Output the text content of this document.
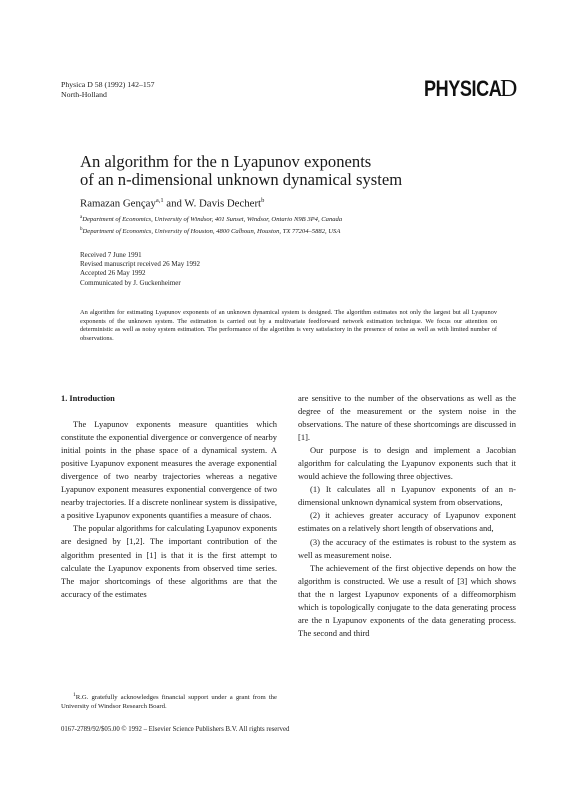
Physica D 58 (1992) 142–157
North-Holland	PHYSICA
D
An algorithm for the n Lyapunov exponents
of an n-dimensional unknown dynamical system
Ramazan Gençay$^{a,1}$ and W. Davis Dechert$^b$
$^a$Department of Economics, University of Windsor, 401 Sunset, Windsor, Ontario N9B 3P4, Canada
$^b$Department of Economics, University of Houston, 4800 Calhoun, Houston, TX 77204–5882, USA
Received 7 June 1991
Revised manuscript received 26 May 1992
Accepted 26 May 1992
Communicated by J. Guckenheimer
An algorithm for estimating Lyapunov exponents of an unknown dynamical system is designed. The algorithm estimates not only the largest but all Lyapunov exponents of the unknown system. The estimation is carried out by a multivariate feedforward network estimation technique. We focus our attention on deterministic as well as noisy system estimation. The performance of the algorithm is very satisfactory in the presence of noise as well as with limited number of observations.
1. Introduction

The Lyapunov exponents measure quantities which constitute the exponential divergence or convergence of nearby initial points in the phase space of a dynamical system. A positive Lyapunov exponent measures the average exponential divergence of two nearby trajectories whereas a negative Lyapunov exponent measures exponential convergence of two nearby trajectories. If a discrete nonlinear system is dissipative, a positive Lyapunov exponents quantifies a measure of chaos.

The popular algorithms for calculating Lyapunov exponents are designed by [1,2]. The important contribution of the algorithm presented in [1] is that it is the first attempt to calculate the Lyapunov exponents from observed time series. The major shortcomings of these algorithms are that the accuracy of the estimates

are sensitive to the number of the observations as well as the degree of the measurement or the system noise in the observations. The nature of these shortcomings are discussed in [1].

Our purpose is to design and implement a Jacobian algorithm for calculating the Lyapunov exponents such that it would achieve the following three objectives.

(1) It calculates all n Lyapunov exponents of an n-dimensional unknown dynamical system from observations,

(2) it achieves greater accuracy of Lyapunov exponent estimates on a relatively short length of observations and,

(3) the accuracy of the estimates is robust to the system as well as measurement noise.

The achievement of the first objective depends on how the algorithm is constructed. We use a result of [3] which shows that the n largest Lyapunov exponents of a diffeomorphism which is topologically conjugate to the data generating process are the n Lyapunov exponents of the data generating process. The second and third

$^1$R.G. gratefully acknowledges financial support under a grant from the University of Windsor Research Board.
0167-2789/92/$05.00 © 1992 – Elsevier Science Publishers B.V. All rights reserved
